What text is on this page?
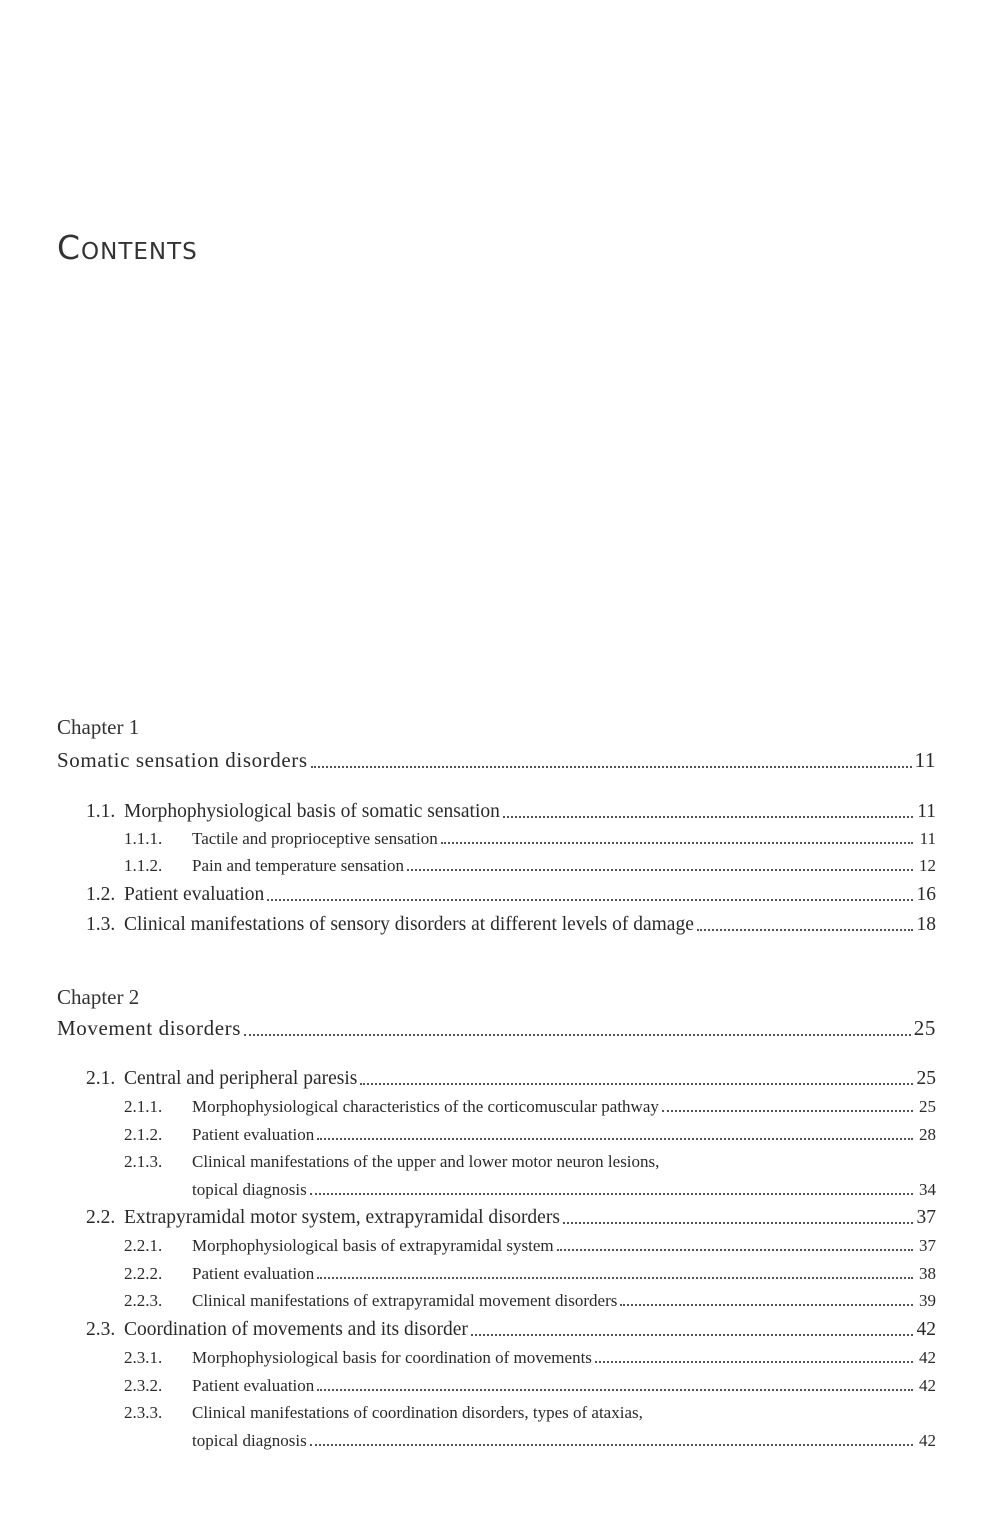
Contents
Chapter 1
Somatic sensation disorders	11
1.1. Morphophysiological basis of somatic sensation	11
1.1.1.	Tactile and proprioceptive sensation	11
1.1.2.	Pain and temperature sensation	12
1.2. Patient evaluation	16
1.3. Clinical manifestations of sensory disorders at different levels of damage	18
Chapter 2
Movement disorders	25
2.1. Central and peripheral paresis	25
2.1.1.	Morphophysiological characteristics of the corticomuscular pathway	25
2.1.2.	Patient evaluation	28
2.1.3.	Clinical manifestations of the upper and lower motor neuron lesions,
topical diagnosis	34
2.2. Extrapyramidal motor system, extrapyramidal disorders	37
2.2.1.	Morphophysiological basis of extrapyramidal system	37
2.2.2.	Patient evaluation	38
2.2.3.	Clinical manifestations of extrapyramidal movement disorders	39
2.3. Coordination of movements and its disorder	42
2.3.1.	Morphophysiological basis for coordination of movements	42
2.3.2.	Patient evaluation	42
2.3.3.	Clinical manifestations of coordination disorders, types of ataxias,
topical diagnosis	42
